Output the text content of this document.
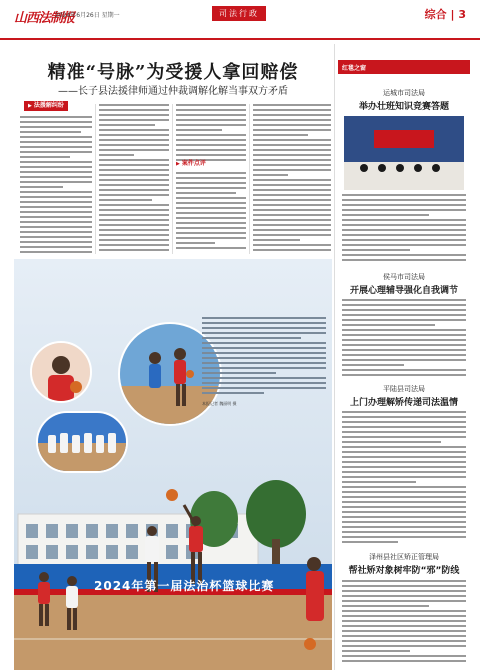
山西法制报
2024年6月26日 星期一	司法行政	综合 | 3
精准“号脉”为受援人拿回赔偿
——长子县法援律师通过仲裁调解化解当事双方矛盾
▶ 法援解纠纷
▶ 案件点评
本报记者 魏丽明 摄
2024年第一届法治杯篮球比赛
红毯之窗
运城市司法局
举办壮班知识竞赛答题
侯马市司法局
开展心理辅导强化自我调节
平陆县司法局
上门办理解矫传递司法温情
泽州县社区矫正管理局
帮社矫对象树牢防“邪”防线
